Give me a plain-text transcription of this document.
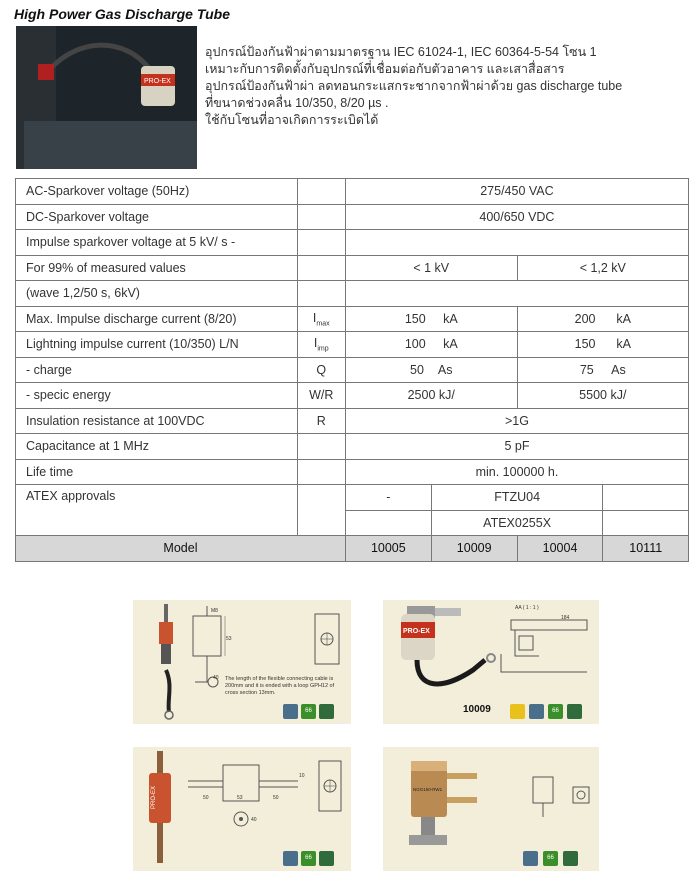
High Power Gas Discharge Tube
PRO-EX
อุปกรณ์ป้องกันฟ้าผ่าตามมาตรฐาน IEC 61024-1, IEC 60364-5-54 โซน 1
เหมาะกับการติดตั้งกับอุปกรณ์ที่เชื่อมต่อกับตัวอาคาร และเสาสื่อสาร
อุปกรณ์ป้องกันฟ้าผ่า ลดทอนกระแสกระชากจากฟ้าผ่าด้วย gas discharge tube
ที่ขนาดช่วงคลื่น 10/350, 8/20 µs .
ใช้กับโซนที่อาจเกิดการระเบิดได้
AC-Sparkover voltage (50Hz)		275/450 VAC			
DC-Sparkover voltage		400/650 VDC			
Impulse sparkover voltage at 5 kV/ s -					
For 99% of measured values		< 1 kV		< 1,2 kV	
(wave 1,2/50 s, 6kV)					
Max. Impulse discharge current (8/20)	$I_{max}$	150 kA		200 kA	
Lightning impulse current (10/350) L/N	$I_{imp}$	100 kA		150 kA	
- charge	Q	50 As		75 As	
- specic energy	W/R	2500 kJ/		5500 kJ/	
Insulation resistance at 100VDC	R	>1G			
Capacitance at 1 MHz		5 pF			
Life time		min. 100000 h.			
ATEX approvals		-	FTZU04		
			ATEX0255X		
Model		10005	10009	10004	10111
53
M8
40 The length of the flexible connecting cable is
200mm and it is ended with a loop GPH12 of
cross section 13mm.
66
PRO-EX
AA ( 1 : 1 )
184
10009	66
PRO-EX
10
50	53	50
40
66
NGG150-RW1
66
